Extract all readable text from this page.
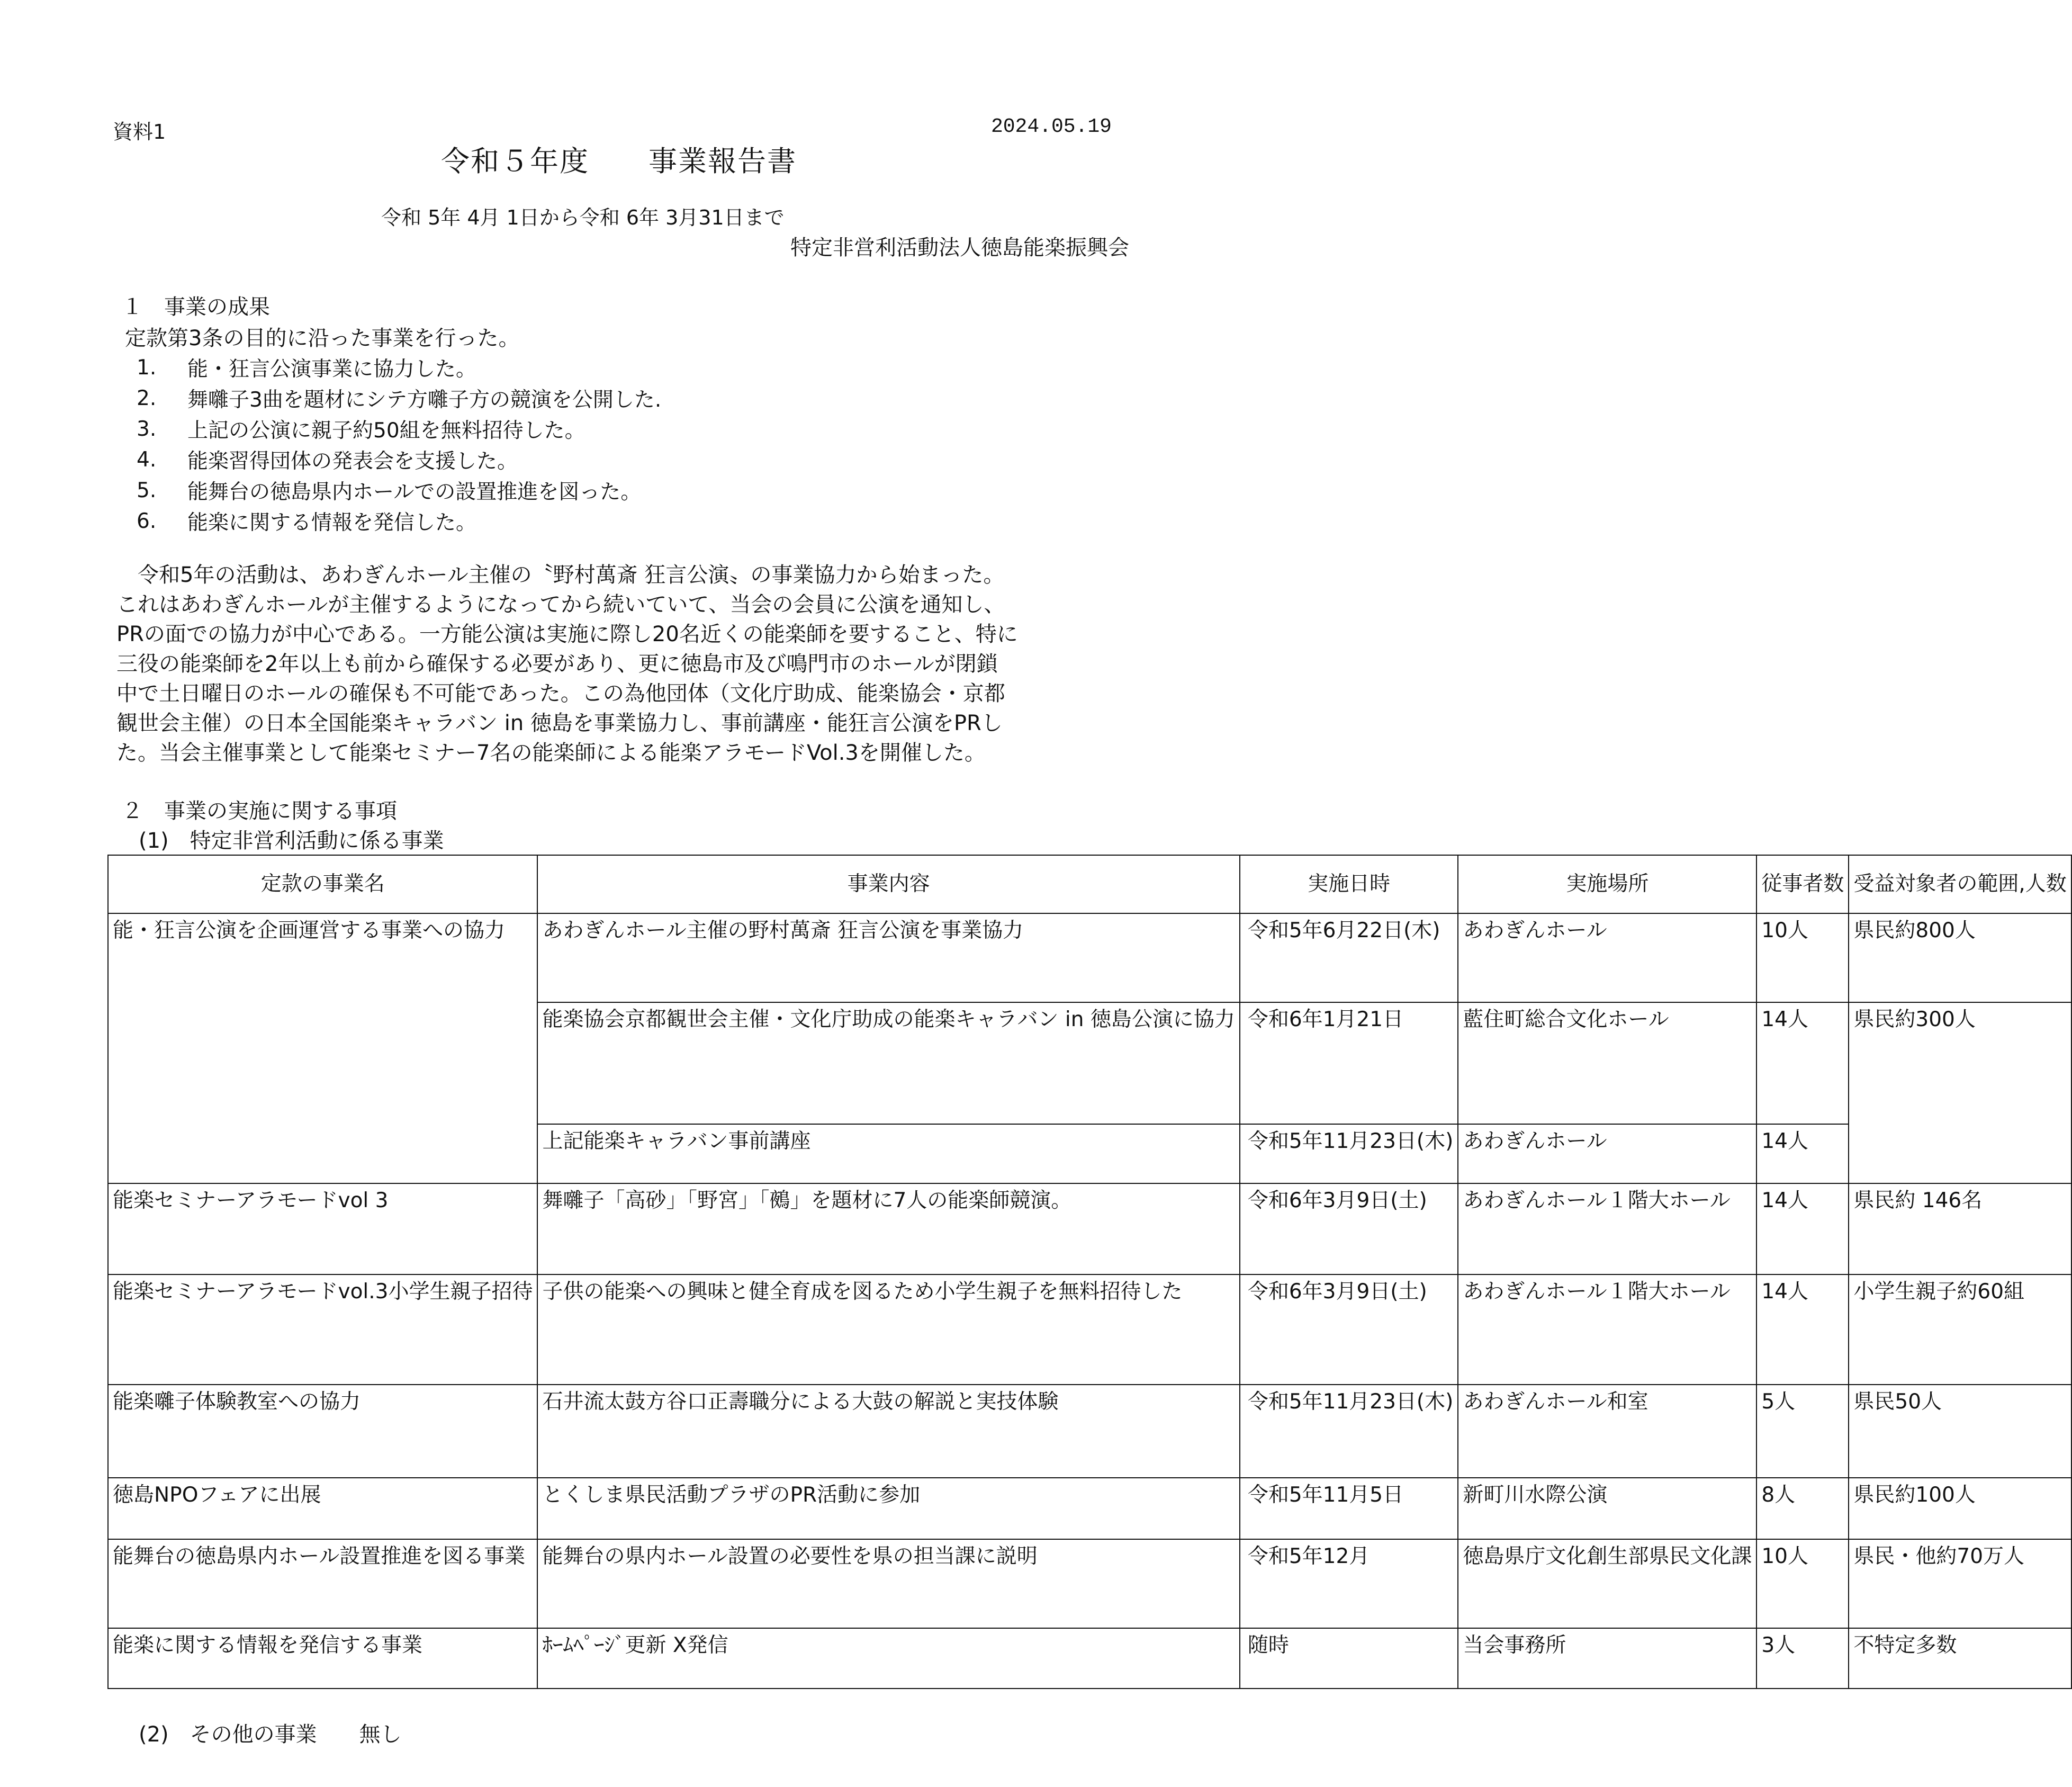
資料1	2024.05.19
令和５年度　　事業報告書
令和 5年 4月 1日から令和 6年 3月31日まで
特定非営利活動法人徳島能楽振興会
１　事業の成果
定款第3条の目的に沿った事業を行った。
1.	能・狂言公演事業に協力した。
2.	舞囃子3曲を題材にシテ方囃子方の競演を公開した.
3.	上記の公演に親子約50組を無料招待した。
4.	能楽習得団体の発表会を支援した。
5.	能舞台の徳島県内ホールでの設置推進を図った。
6.	能楽に関する情報を発信した。

　令和5年の活動は、あわぎんホール主催の〝野村萬斎 狂言公演〟の事業協力から始まった。

これはあわぎんホールが主催するようになってから続いていて、当会の会員に公演を通知し、

PRの面での協力が中心である。一方能公演は実施に際し20名近くの能楽師を要すること、特に

三役の能楽師を2年以上も前から確保する必要があり、更に徳島市及び鳴門市のホールが閉鎖

中で土日曜日のホールの確保も不可能であった。この為他団体（文化庁助成、能楽協会・京都

観世会主催）の日本全国能楽キャラバン in 徳島を事業協力し、事前講座・能狂言公演をPRし

た。当会主催事業として能楽セミナー7名の能楽師による能楽アラモードVol.3を開催した。

２　事業の実施に関する事項
(1)　特定非営利活動に係る事業
定款の事業名	事業内容	実施日時	実施場所	従事者数	受益対象者の範囲,人数
能・狂言公演を企画運営する事業への協力	あわぎんホール主催の野村萬斎 狂言公演を事業協力	令和5年6月22日(木)	あわぎんホール	10人	県民約800人
	能楽協会京都観世会主催・文化庁助成の能楽キャラバン in 徳島公演に協力	令和6年1月21日	藍住町総合文化ホール	14人	県民約300人
	上記能楽キャラバン事前講座	令和5年11月23日(木)	あわぎんホール	14人	
能楽セミナーアラモードvol 3	舞囃子「高砂」「野宮」「鵺」を題材に7人の能楽師競演。	令和6年3月9日(土)	あわぎんホール１階大ホール	14人	県民約 146名
能楽セミナーアラモードvol.3小学生親子招待	子供の能楽への興味と健全育成を図るため小学生親子を無料招待した	令和6年3月9日(土)	あわぎんホール１階大ホール	14人	小学生親子約60組
能楽囃子体験教室への協力	石井流太鼓方谷口正壽職分による大鼓の解説と実技体験	令和5年11月23日(木)	あわぎんホール和室	5人	県民50人
徳島NPOフェアに出展	とくしま県民活動プラザのPR活動に参加	令和5年11月5日	新町川水際公演	8人	県民約100人
能舞台の徳島県内ホール設置推進を図る事業	能舞台の県内ホール設置の必要性を県の担当課に説明	令和5年12月	徳島県庁文化創生部県民文化課	10人	県民・他約70万人
能楽に関する情報を発信する事業	ﾎｰﾑﾍﾟｰｼﾞ更新 X発信	随時	当会事務所	3人	不特定多数
(2)　その他の事業　　無し
